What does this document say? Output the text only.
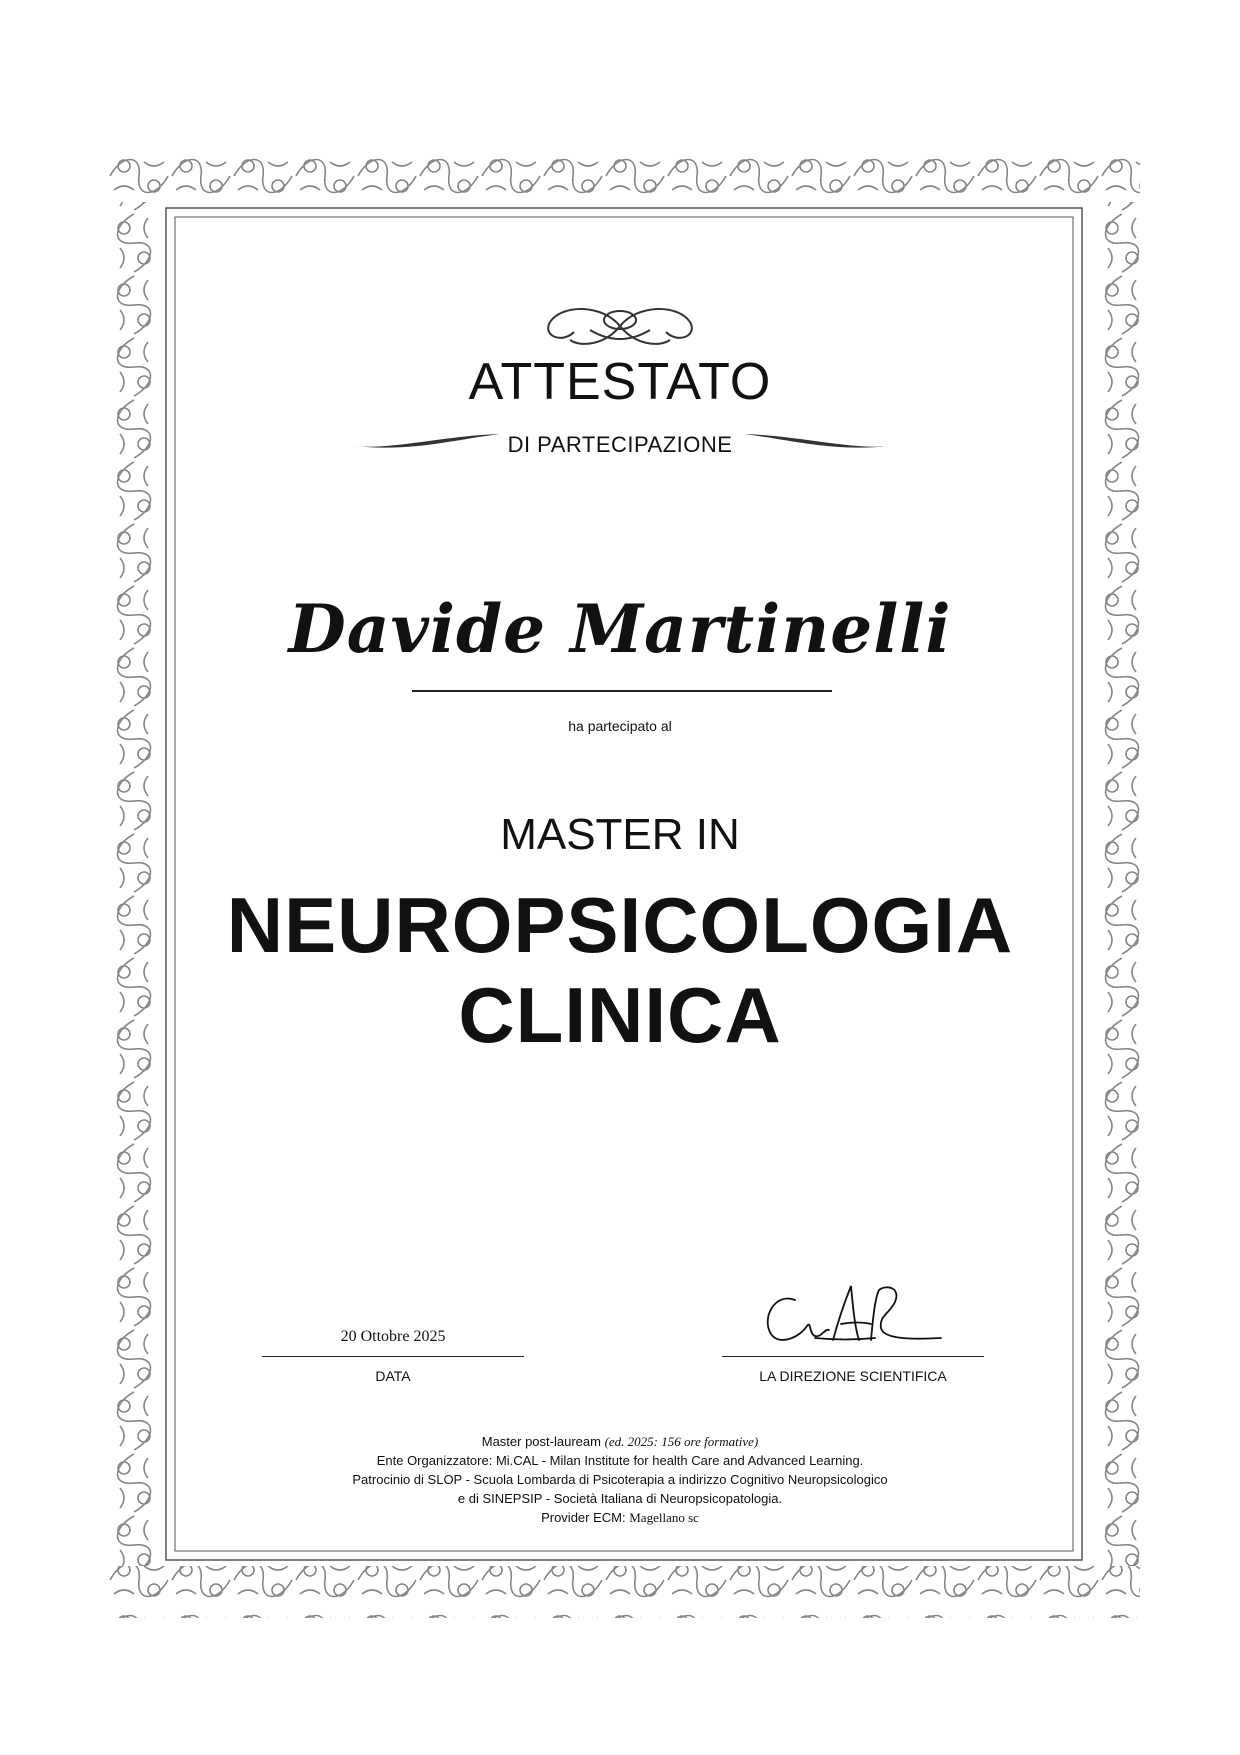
ATTESTATO
DI PARTECIPAZIONE
Davide Martinelli
ha partecipato al
MASTER IN
NEUROPSICOLOGIA
CLINICA
20 Ottobre 2025
DATA	LA DIREZIONE SCIENTIFICA
Master post-lauream (ed. 2025: 156 ore formative)
Ente Organizzatore: Mi.CAL - Milan Institute for health Care and Advanced Learning.
Patrocinio di SLOP - Scuola Lombarda di Psicoterapia a indirizzo Cognitivo Neuropsicologico
e di SINEPSIP - Società Italiana di Neuropsicopatologia.
Provider ECM: Magellano sc
